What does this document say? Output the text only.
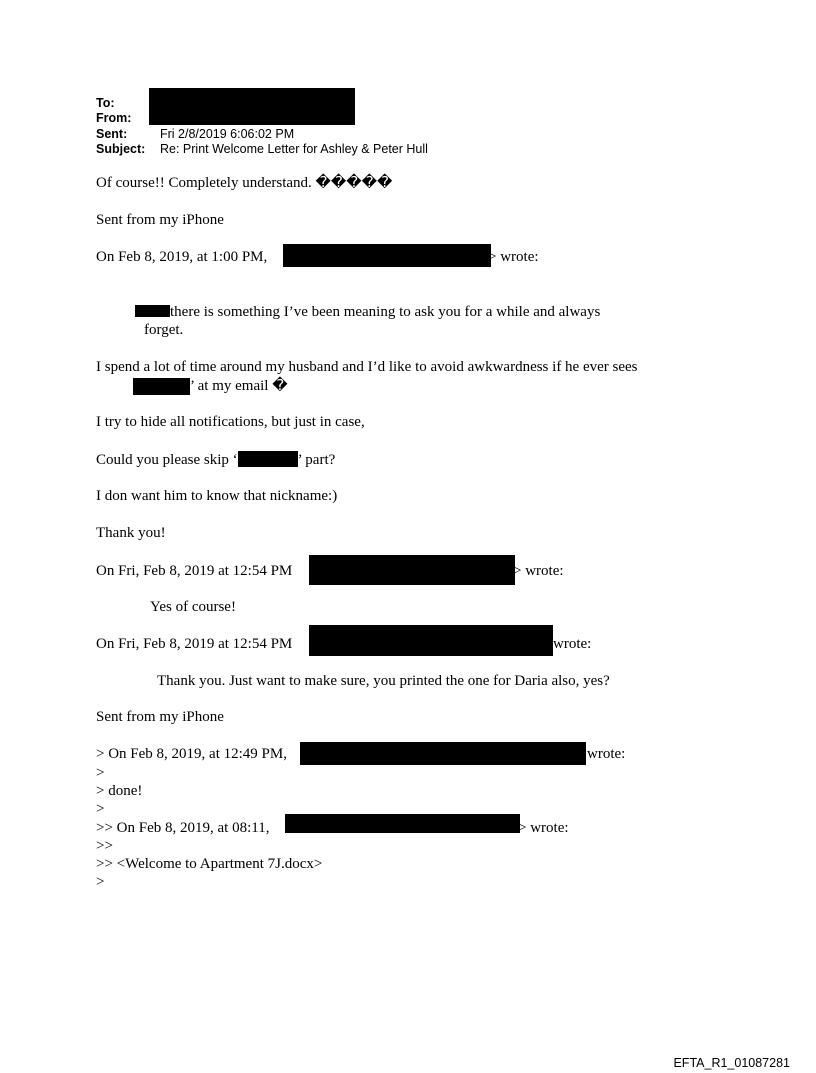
To:
From:
Sent:	Fri 2/8/2019 6:06:02 PM
Subject: Re: Print Welcome Letter for Ashley & Peter Hull
Of course!! Completely understand. �����
Sent from my iPhone
On Feb 8, 2019, at 1:00 PM,	> wrote:
there is something I’ve been meaning to ask you for a while and always
forget.
I spend a lot of time around my husband and I’d like to avoid awkwardness if he ever sees
’ at my email �
I try to hide all notifications, but just in case,
Could you please skip ‘	’ part?
I don want him to know that nickname:)
Thank you!
On Fri, Feb 8, 2019 at 12:54 PM	> wrote:
Yes of course!
On Fri, Feb 8, 2019 at 12:54 PM	wrote:
Thank you. Just want to make sure, you printed the one for Daria also, yes?
Sent from my iPhone
> On Feb 8, 2019, at 12:49 PM,	wrote:
>
> done!
>
>> On Feb 8, 2019, at 08:11,	> wrote:
>>
>> <Welcome to Apartment 7J.docx>
>
EFTA_R1_01087281
